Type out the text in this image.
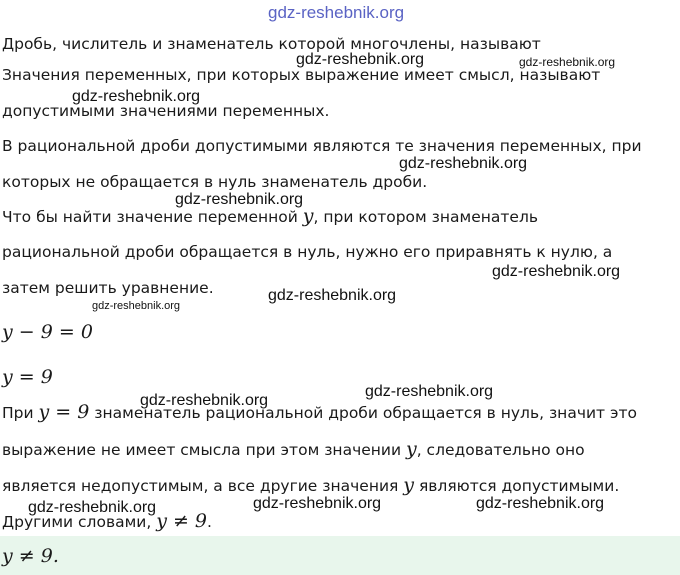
gdz-reshebnik.org
Дробь, числитель и знаменатель которой многочлены, называют
Значения переменных, при которых выражение имеет смысл, называют
допустимыми значениями переменных.
В рациональной дроби допустимыми являются те значения переменных, при
которых не обращается в нуль знаменатель дроби.
Что бы найти значение переменной y, при котором знаменатель
рациональной дроби обращается в нуль, нужно его приравнять к нулю, а
затем решить уравнение.
y − 9 = 0
y = 9
При y = 9 знаменатель рациональной дроби обращается в нуль, значит это
выражение не имеет смысла при этом значении y, следовательно оно
является недопустимым, а все другие значения y являются допустимыми.
Другими словами, y ≠ 9.
y ≠ 9.
gdz-reshebnik.org	gdz-reshebnik.org
gdz-reshebnik.org
gdz-reshebnik.org
gdz-reshebnik.org
gdz-reshebnik.org
gdz-reshebnik.org
gdz-reshebnik.org
gdz-reshebnik.org
gdz-reshebnik.org
gdz-reshebnik.org	gdz-reshebnik.org	gdz-reshebnik.org
